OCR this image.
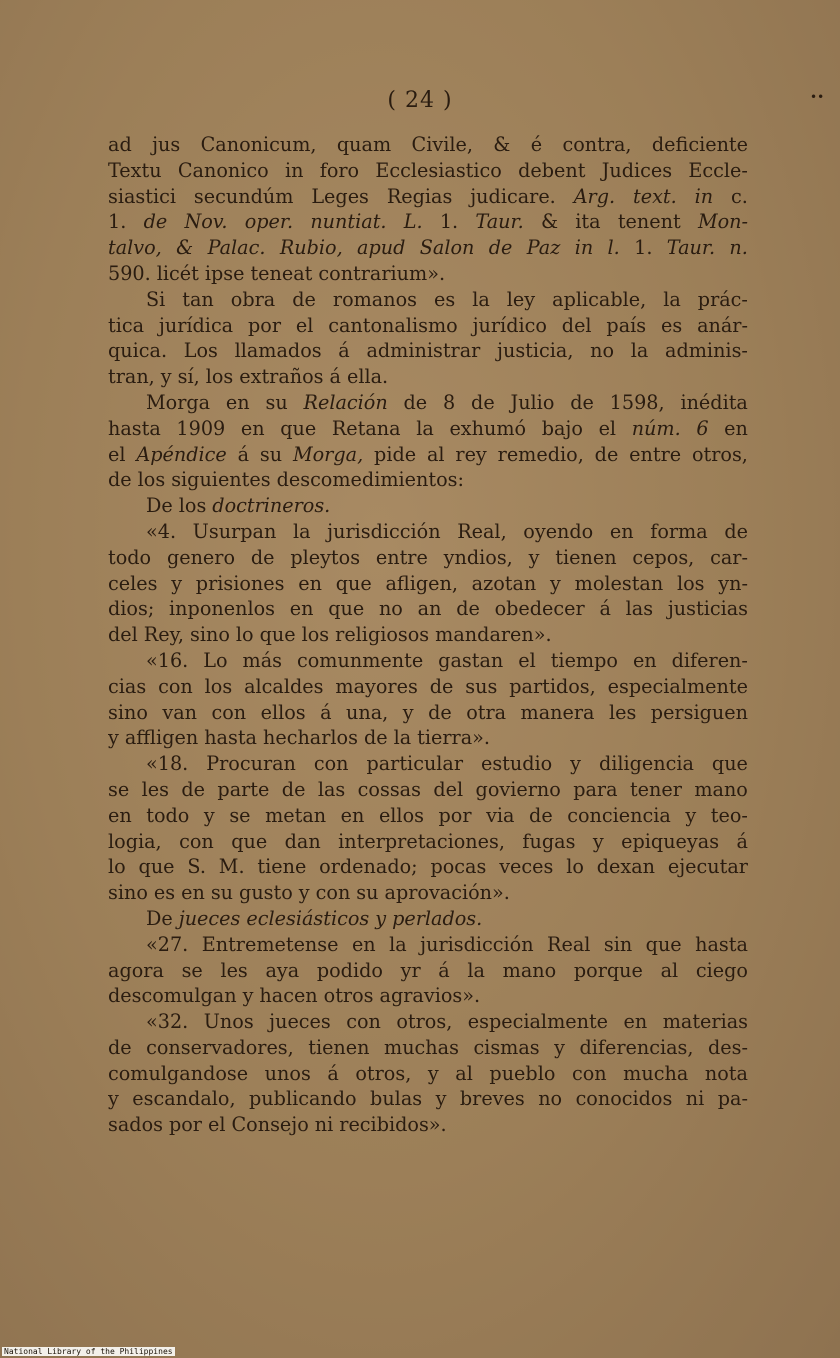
( 24 )
ad jus Canonicum, quam Civile, & é contra, deficiente
Textu Canonico in foro Ecclesiastico debent Judices Eccle-
siastici secundúm Leges Regias judicare. Arg. text. in c.
1. de Nov. oper. nuntiat. L. 1. Taur. & ita tenent Mon-
talvo, & Palac. Rubio, apud Salon de Paz in l. 1. Taur. n.
590. licét ipse teneat contrarium».
Si tan obra de romanos es la ley aplicable, la prác-
tica jurídica por el cantonalismo jurídico del país es anár-
quica. Los llamados á administrar justicia, no la adminis-
tran, y sí, los extraños á ella.
Morga en su Relación de 8 de Julio de 1598, inédita
hasta 1909 en que Retana la exhumó bajo el núm. 6 en
el Apéndice á su Morga, pide al rey remedio, de entre otros,
de los siguientes descomedimientos:
De los doctrineros.
«4. Usurpan la jurisdicción Real, oyendo en forma de
todo genero de pleytos entre yndios, y tienen cepos, car-
celes y prisiones en que afligen, azotan y molestan los yn-
dios; inponenlos en que no an de obedecer á las justicias
del Rey, sino lo que los religiosos mandaren».
«16. Lo más comunmente gastan el tiempo en diferen-
cias con los alcaldes mayores de sus partidos, especialmente
sino van con ellos á una, y de otra manera les persiguen
y affligen hasta hecharlos de la tierra».
«18. Procuran con particular estudio y diligencia que
se les de parte de las cossas del govierno para tener mano
en todo y se metan en ellos por via de conciencia y teo-
logia, con que dan interpretaciones, fugas y epiqueyas á
lo que S. M. tiene ordenado; pocas veces lo dexan ejecutar
sino es en su gusto y con su aprovación».
De jueces eclesiásticos y perlados.
«27. Entremetense en la jurisdicción Real sin que hasta
agora se les aya podido yr á la mano porque al ciego
descomulgan y hacen otros agravios».
«32. Unos jueces con otros, especialmente en materias
de conservadores, tienen muchas cismas y diferencias, des-
comulgandose unos á otros, y al pueblo con mucha nota
y escandalo, publicando bulas y breves no conocidos ni pa-
sados por el Consejo ni recibidos».
••
National Library of the Philippines
